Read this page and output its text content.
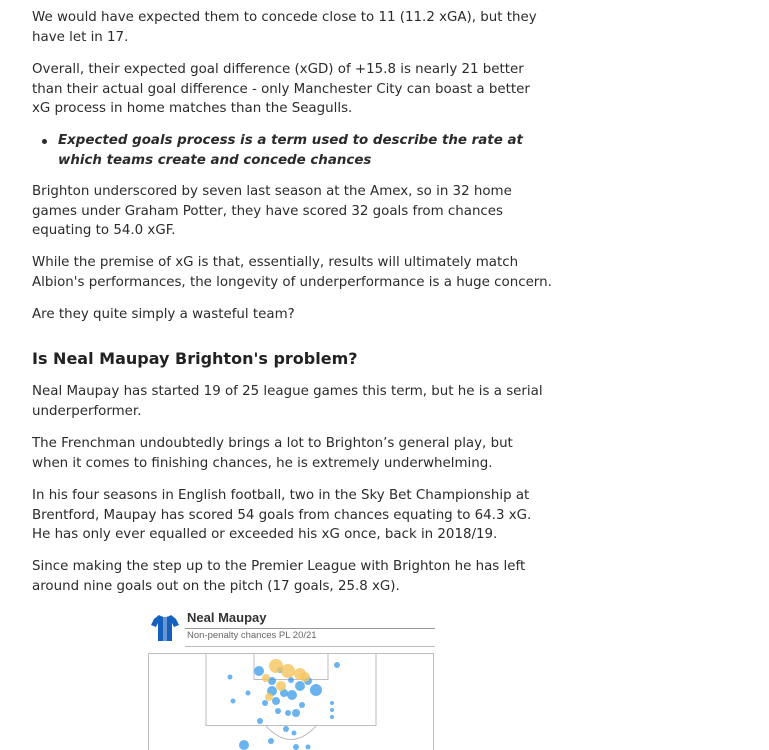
We would have expected them to concede close to 11 (11.2 xGA), but they have let in 17.

Overall, their expected goal difference (xGD) of +15.8 is nearly 21 better than their actual goal difference - only Manchester City can boast a better xG process in home matches than the Seagulls.

Expected goals process is a term used to describe the rate at which teams create and concede chances

Brighton underscored by seven last season at the Amex, so in 32 home games under Graham Potter, they have scored 32 goals from chances equating to 54.0 xGF.

While the premise of xG is that, essentially, results will ultimately match Albion's performances, the longevity of underperformance is a huge concern.

Are they quite simply a wasteful team?

Is Neal Maupay Brighton's problem?

Neal Maupay has started 19 of 25 league games this term, but he is a serial underperformer.

The Frenchman undoubtedly brings a lot to Brighton’s general play, but when it comes to finishing chances, he is extremely underwhelming.

In his four seasons in English football, two in the Sky Bet Championship at Brentford, Maupay has scored 54 goals from chances equating to 64.3 xG. He has only ever equalled or exceeded his xG once, back in 2018/19.

Since making the step up to the Premier League with Brighton he has left around nine goals out on the pitch (17 goals, 25.8 xG).

Neal Maupay
Non-penalty chances PL 20/21
